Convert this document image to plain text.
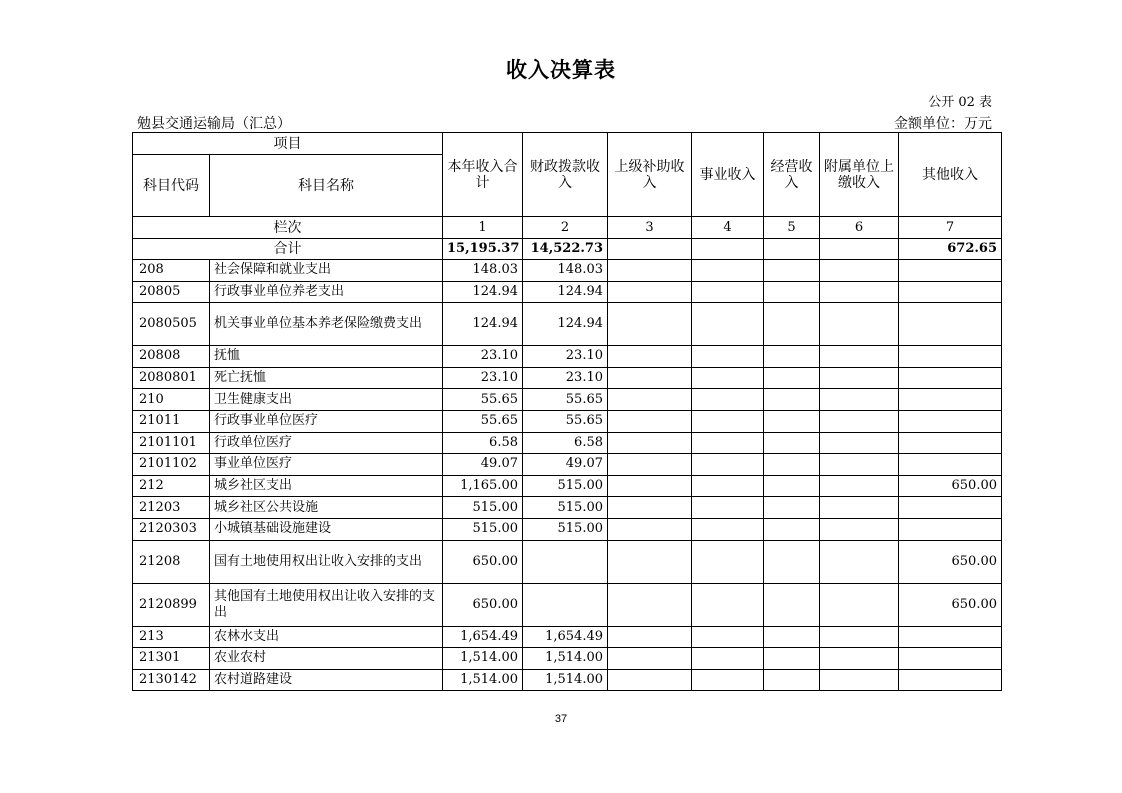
收入决算表
公开 02 表
勉县交通运输局（汇总）	金额单位：万元
项目		本年收入合计	财政拨款收入	上级补助收入	事业收入	经营收入	附属单位上缴收入	其他收入
科目代码	科目名称							
栏次		1	2	3	4	5	6	7
合计		15,195.37	14,522.73					672.65
208	社会保障和就业支出	148.03	148.03					
20805	行政事业单位养老支出	124.94	124.94					
2080505	机关事业单位基本养老保险缴费支出	124.94	124.94					
20808	抚恤	23.10	23.10					
2080801	死亡抚恤	23.10	23.10					
210	卫生健康支出	55.65	55.65					
21011	行政事业单位医疗	55.65	55.65					
2101101	行政单位医疗	6.58	6.58					
2101102	事业单位医疗	49.07	49.07					
212	城乡社区支出	1,165.00	515.00					650.00
21203	城乡社区公共设施	515.00	515.00					
2120303	小城镇基础设施建设	515.00	515.00					
21208	国有土地使用权出让收入安排的支出	650.00						650.00
2120899	其他国有土地使用权出让收入安排的支出	650.00						650.00
213	农林水支出	1,654.49	1,654.49					
21301	农业农村	1,514.00	1,514.00					
2130142	农村道路建设	1,514.00	1,514.00					
37
